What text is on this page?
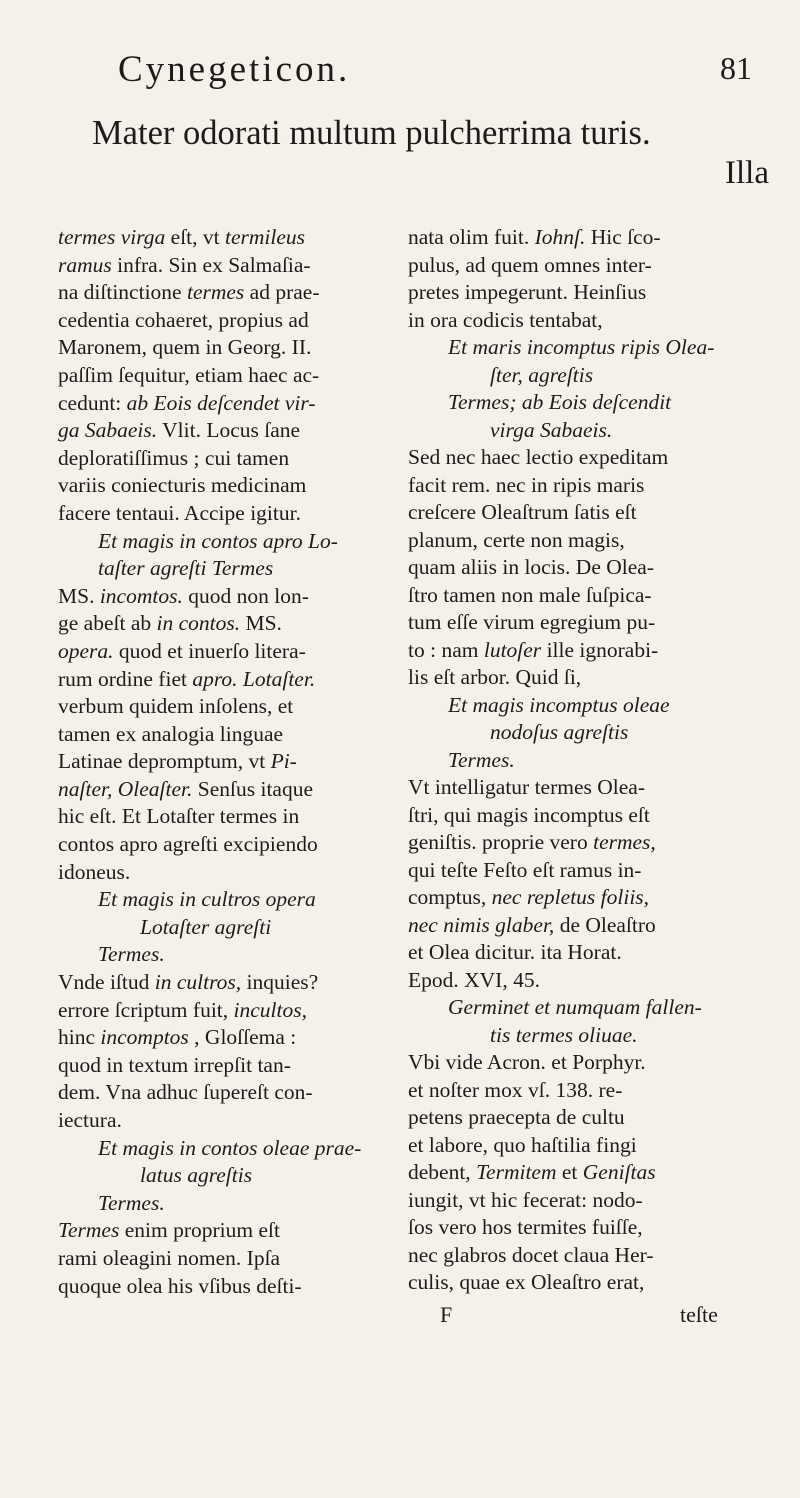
Cynegeticon.	81
Mater odorati multum pulcherrima turis.
Illa
termes virga eſt, vt termileus
ramus infra. Sin ex Salmaſia-
na diſtinctione termes ad prae-
cedentia cohaeret, propius ad
Maronem, quem in Georg. II.
paſſim ſequitur, etiam haec ac-
cedunt: ab Eois deſcendet vir-
ga Sabaeis. Vlit. Locus ſane
deploratiſſimus ; cui tamen
variis coniecturis medicinam
facere tentaui. Accipe igitur.
Et magis in contos apro Lo-
taſter agreſti Termes
MS. incomtos. quod non lon-
ge abeſt ab in contos. MS.
opera. quod et inuerſo litera-
rum ordine fiet apro. Lotaſter.
verbum quidem inſolens, et
tamen ex analogia linguae
Latinae depromptum, vt Pi-
naſter, Oleaſter. Senſus itaque
hic eſt. Et Lotaſter termes in
contos apro agreſti excipiendo
idoneus.
Et magis in cultros opera
Lotaſter agreſti
Termes.
Vnde iſtud in cultros, inquies?
errore ſcriptum fuit, incultos,
hinc incomptos , Gloſſema :
quod in textum irrepſit tan-
dem. Vna adhuc ſupereſt con-
iectura.
Et magis in contos oleae prae-
latus agreſtis
Termes.
Termes enim proprium eſt
rami oleagini nomen. Ipſa
quoque olea his vſibus deſti-
nata olim fuit. Iohnſ. Hic ſco-
pulus, ad quem omnes inter-
pretes impegerunt. Heinſius
in ora codicis tentabat,
Et maris incomptus ripis Olea-
ſter, agreſtis
Termes; ab Eois deſcendit
virga Sabaeis.
Sed nec haec lectio expeditam
facit rem. nec in ripis maris
creſcere Oleaſtrum ſatis eſt
planum, certe non magis,
quam aliis in locis. De Olea-
ſtro tamen non male ſuſpica-
tum eſſe virum egregium pu-
to : nam lutoſer ille ignorabi-
lis eſt arbor. Quid ſi,
Et magis incomptus oleae
nodoſus agreſtis
Termes.
Vt intelligatur termes Olea-
ſtri, qui magis incomptus eſt
geniſtis. proprie vero termes,
qui teſte Feſto eſt ramus in-
comptus, nec repletus foliis,
nec nimis glaber, de Oleaſtro
et Olea dicitur. ita Horat.
Epod. XVI, 45.
Germinet et numquam fallen-
tis termes oliuae.
Vbi vide Acron. et Porphyr.
et noſter mox vſ. 138. re-
petens praecepta de cultu
et labore, quo haſtilia fingi
debent, Termitem et Geniſtas
iungit, vt hic fecerat: nodo-
ſos vero hos termites fuiſſe,
nec glabros docet claua Her-
culis, quae ex Oleaſtro erat,
F	teſte
